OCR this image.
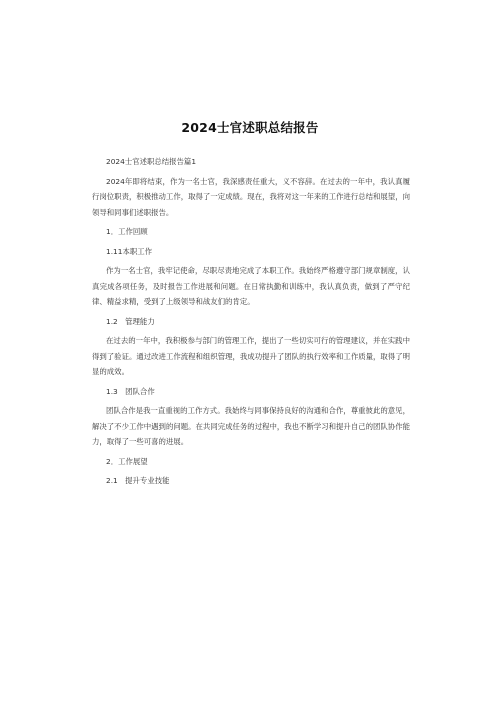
2024士官述职总结报告

2024士官述职总结报告篇1

2024年即将结束，作为一名士官，我深感责任重大，义不容辞。在过去的一年中，我认真履行岗位职责，积极推动工作，取得了一定成绩。现在，我将对这一年来的工作进行总结和展望，向领导和同事们述职报告。

1．工作回顾

1.11本职工作

作为一名士官，我牢记使命，尽职尽责地完成了本职工作。我始终严格遵守部门规章制度，认真完成各项任务，及时报告工作进展和问题。在日常执勤和训练中，我认真负责，做到了严守纪律、精益求精，受到了上级领导和战友们的肯定。

1.2　管理能力

在过去的一年中，我积极参与部门的管理工作，提出了一些切实可行的管理建议，并在实践中得到了验证。通过改进工作流程和组织管理，我成功提升了团队的执行效率和工作质量，取得了明显的成效。

1.3　团队合作

团队合作是我一直重视的工作方式。我始终与同事保持良好的沟通和合作，尊重彼此的意见，解决了不少工作中遇到的问题。在共同完成任务的过程中，我也不断学习和提升自己的团队协作能力，取得了一些可喜的进展。

2．工作展望

2.1　提升专业技能
